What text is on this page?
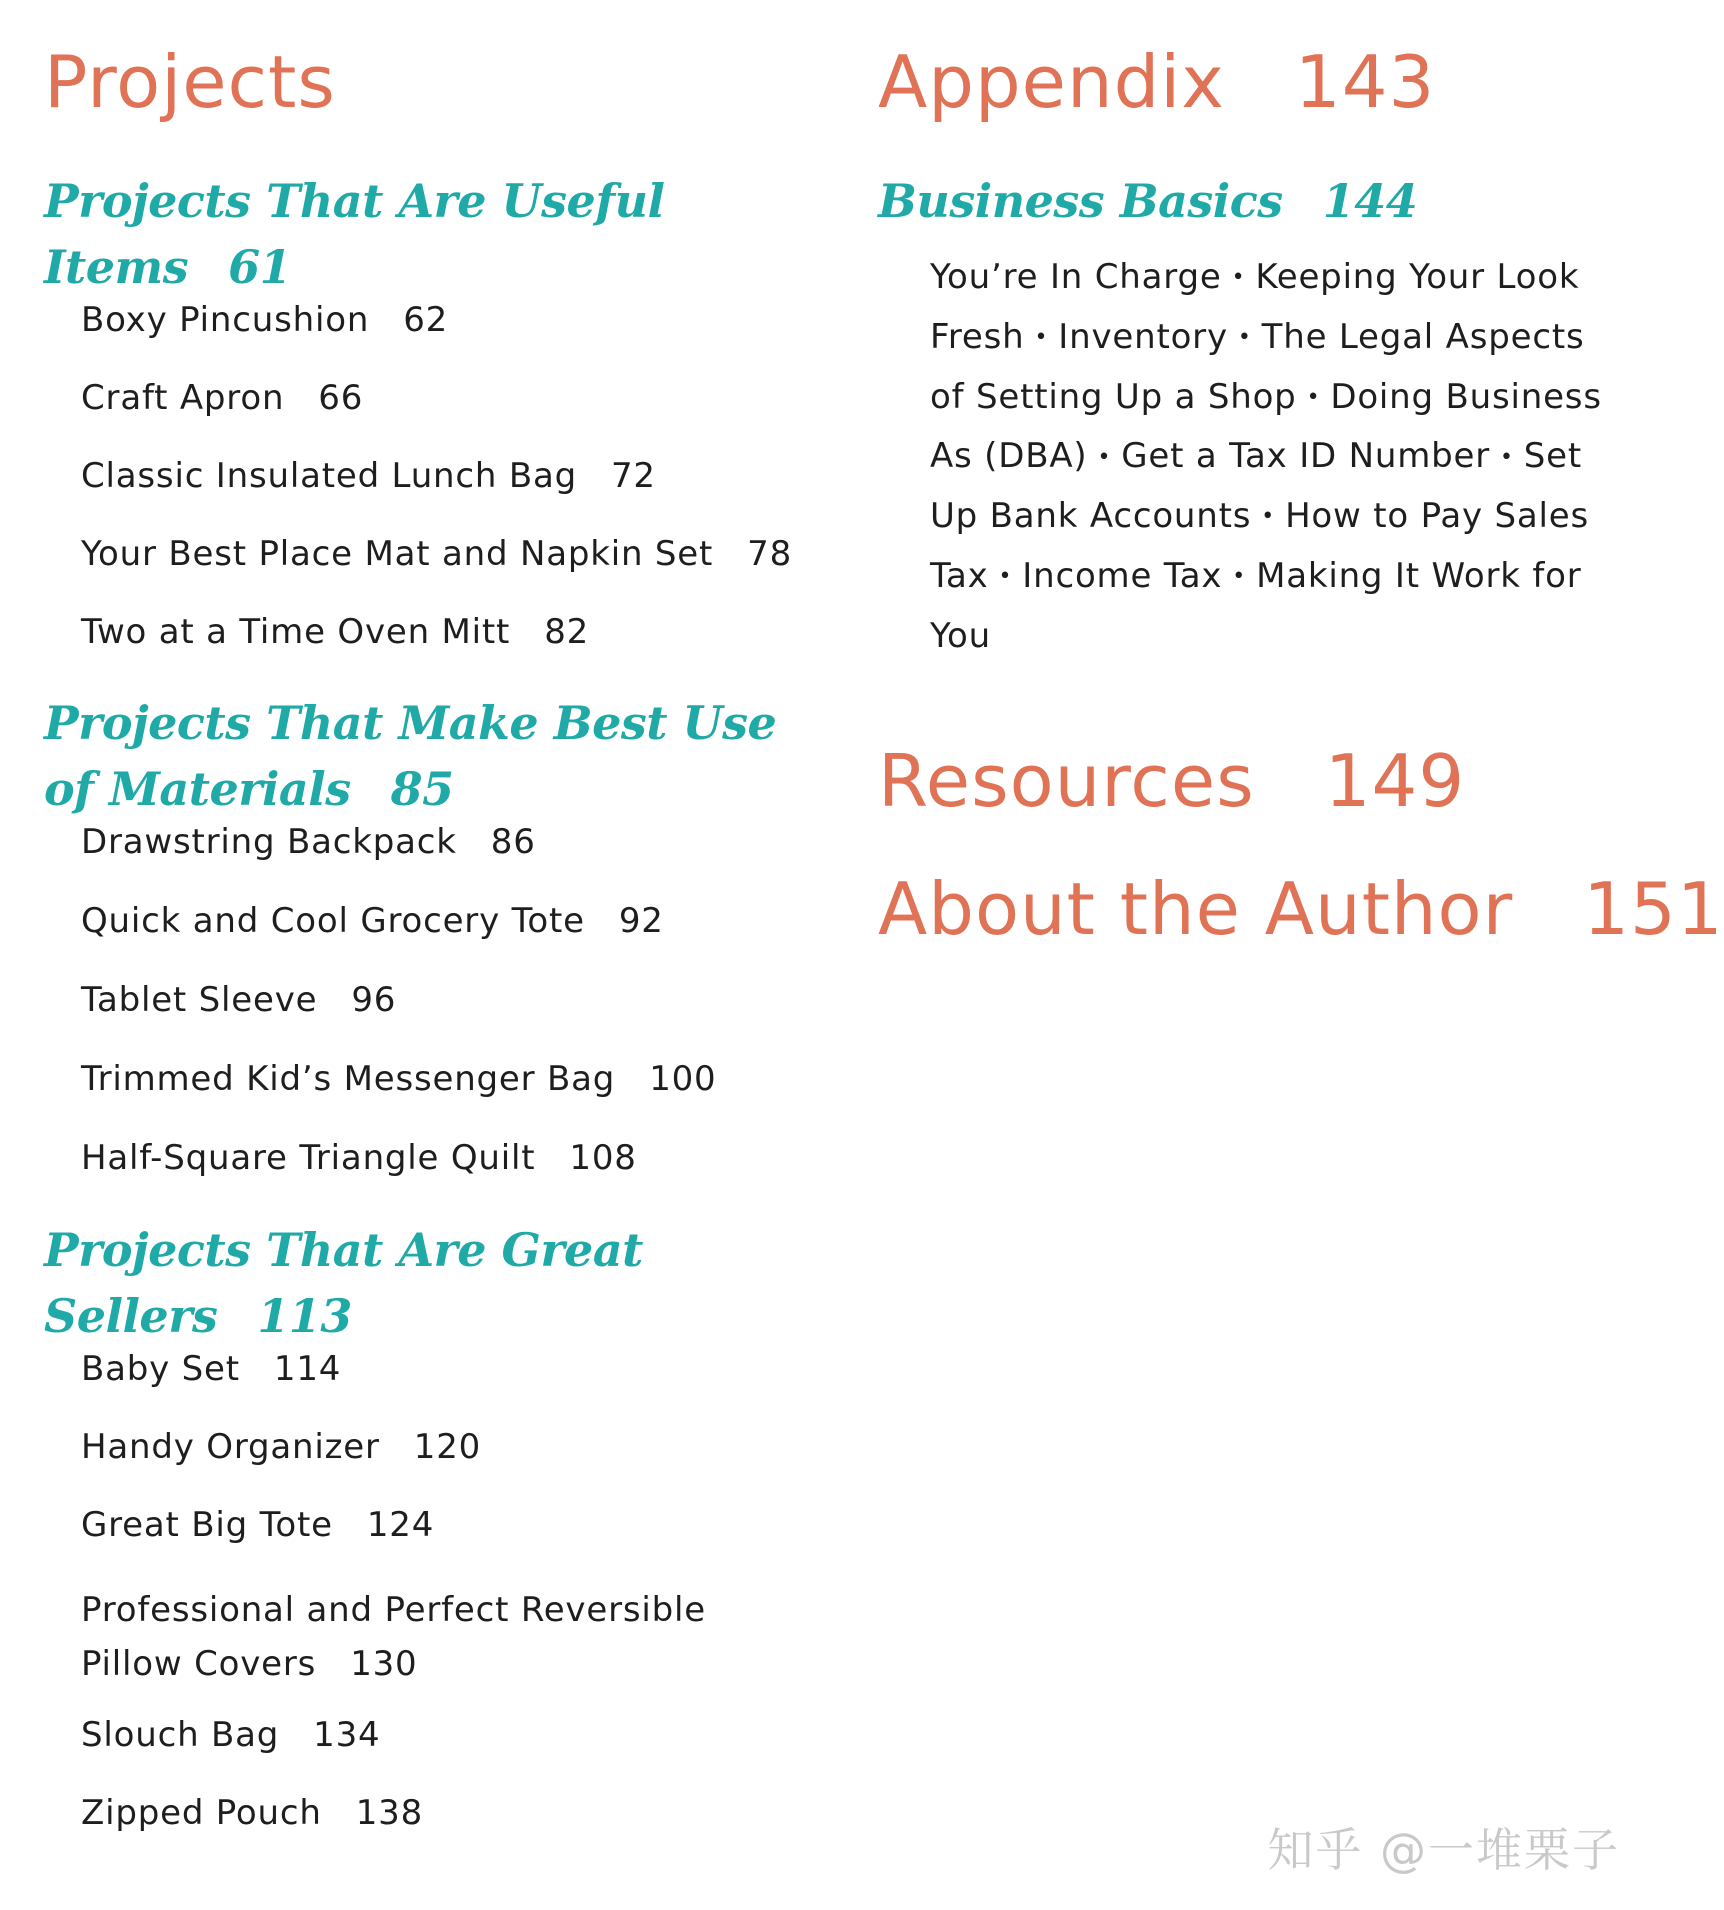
Projects
Projects That Are Useful Items 61
Boxy Pincushion 62
Craft Apron 66
Classic Insulated Lunch Bag 72
Your Best Place Mat and Napkin Set 78
Two at a Time Oven Mitt 82
Projects That Make Best Use
of Materials 85
Drawstring Backpack 86
Quick and Cool Grocery Tote 92
Tablet Sleeve 96
Trimmed Kid’s Messenger Bag 100
Half-Square Triangle Quilt 108
Projects That Are Great Sellers 113
Baby Set 114
Handy Organizer 120
Great Big Tote 124
Professional and Perfect Reversible
Pillow Covers 130
Slouch Bag 134
Zipped Pouch 138
Appendix 143
Business Basics 144
You’re In Charge • Keeping Your Look Fresh • Inventory • The Legal Aspects of Setting Up a Shop • Doing Business As (DBA) • Get a Tax ID Number • Set Up Bank Accounts • How to Pay Sales Tax • Income Tax • Making It Work for You
Resources 149
About the Author 151
知乎 @一堆栗子
